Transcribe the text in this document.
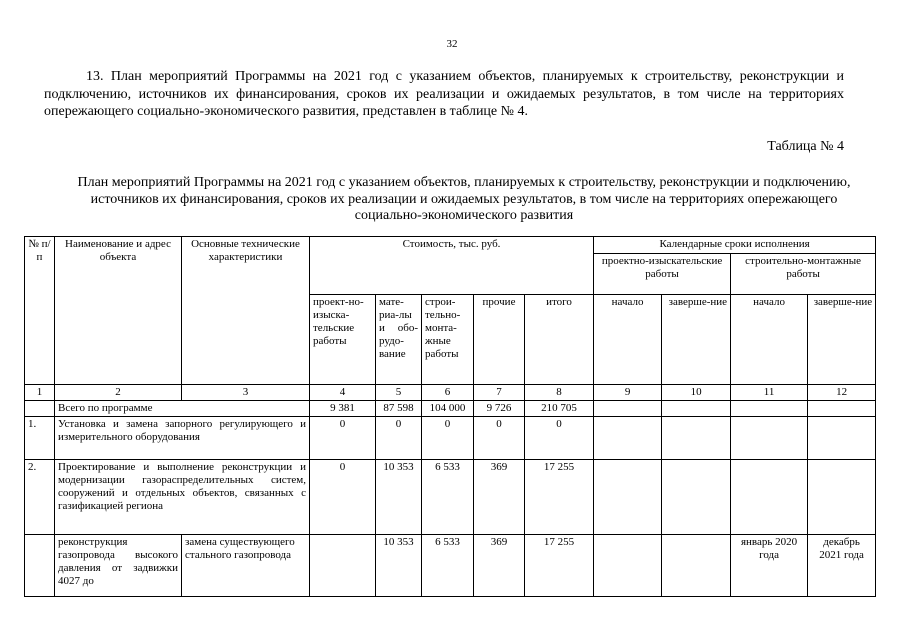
32

13. План мероприятий Программы на 2021 год с указанием объектов, планируемых к строительству, реконструкции и подключению, источников их финансирования, сроков их реализации и ожидаемых результатов, в том числе на территориях опережающего социально-экономического развития, представлен в таблице № 4.

Таблица № 4

План мероприятий Программы на 2021 год с указанием объектов, планируемых к строительству, реконструкции и подключению, источников их финансирования, сроков их реализации и ожидаемых результатов, в том числе на территориях опережающего социально-экономического развития

№ п/п	Наименование и адрес объекта	Основные технические характеристики	Стоимость, тыс. руб.					Календарные сроки исполнения			
								проектно-изыскательские работы		строительно-монтажные работы	
			проект-но-изыска-тельские работы	мате-риа-лы и обо-рудо-вание	строи-тельно-монта-жные работы	прочие	итого	начало	заверше-ние	начало	заверше-ние
1	2	3	4	5	6	7	8	9	10	11	12
	Всего по программе		9 381	87 598	104 000	9 726	210 705				
1.	Установка и замена запорного регулирующего и измерительного оборудования		0	0	0	0	0				
2.	Проектирование и выполнение реконструкции и модернизации газораспределительных систем, сооружений и отдельных объектов, связанных с газификацией региона		0	10 353	6 533	369	17 255				
	реконструкция газопровода высокого давления от задвижки 4027 до	замена существующего стального газопровода		10 353	6 533	369	17 255			январь 2020 года	декабрь 2021 года
